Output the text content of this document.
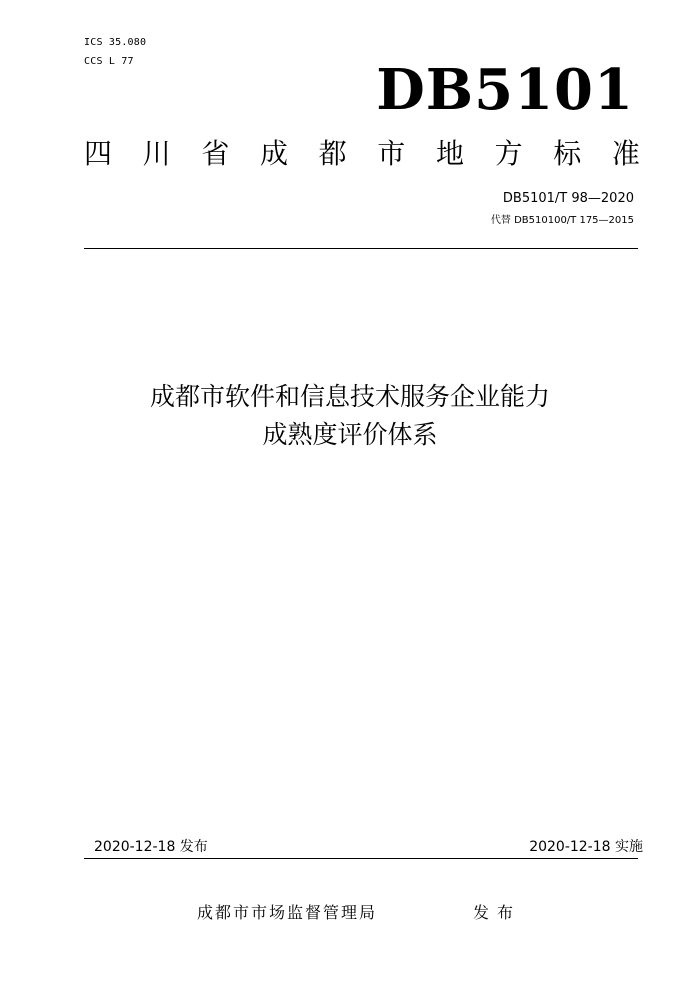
ICS 35.080
CCS L 77	DB5101
四 川 省 成 都 市 地 方 标 准
DB5101/T 98—2020
代替 DB510100/T 175—2015
成都市软件和信息技术服务企业能力
成熟度评价体系
2020-12-18 发布	2020-12-18 实施
成都市市场监督管理局	发布
